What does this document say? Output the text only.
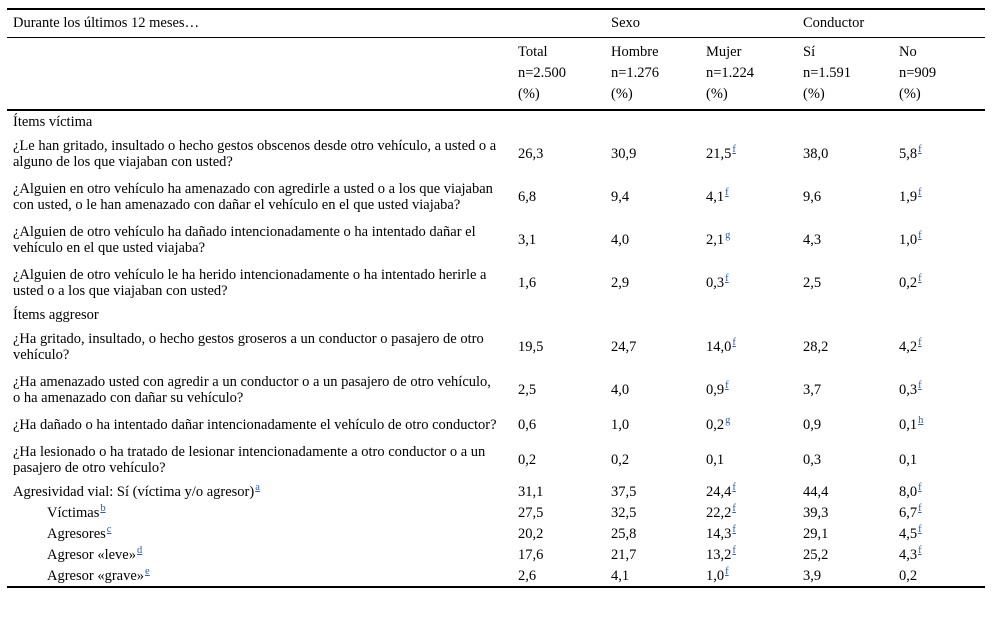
Durante los últimos 12 meses…		Sexo		Conductor	
	Total	Hombre	Mujer	Sí	No
	n=2.500	n=1.276	n=1.224	n=1.591	n=909
	(%)	(%)	(%)	(%)	(%)
Ítems víctima					
¿Le han gritado, insultado o hecho gestos obscenos desde otro vehículo, a usted o a alguno de los que viajaban con usted?	26,3	30,9	21,5$^f$	38,0	5,8$^f$
¿Alguien en otro vehículo ha amenazado con agredirle a usted o a los que viajaban con usted, o le han amenazado con dañar el vehículo en el que usted viajaba?	6,8	9,4	4,1$^f$	9,6	1,9$^f$
¿Alguien de otro vehículo ha dañado intencionadamente o ha intentado dañar el vehículo en el que usted viajaba?	3,1	4,0	2,1$^g$	4,3	1,0$^f$
¿Alguien de otro vehículo le ha herido intencionadamente o ha intentado herirle a usted o a los que viajaban con usted?	1,6	2,9	0,3$^f$	2,5	0,2$^f$
Ítems aggresor					
¿Ha gritado, insultado, o hecho gestos groseros a un conductor o pasajero de otro vehículo?	19,5	24,7	14,0$^f$	28,2	4,2$^f$
¿Ha amenazado usted con agredir a un conductor o a un pasajero de otro vehículo, o ha amenazado con dañar su vehículo?	2,5	4,0	0,9$^f$	3,7	0,3$^f$
¿Ha dañado o ha intentado dañar intencionadamente el vehículo de otro conductor?	0,6	1,0	0,2$^g$	0,9	0,1$^h$
¿Ha lesionado o ha tratado de lesionar intencionadamente a otro conductor o a un pasajero de otro vehículo?	0,2	0,2	0,1	0,3	0,1
Agresividad vial: Sí (víctima y/o agresor)$^a$	31,1	37,5	24,4$^f$	44,4	8,0$^f$
Víctimas$^b$	27,5	32,5	22,2$^f$	39,3	6,7$^f$
Agresores$^c$	20,2	25,8	14,3$^f$	29,1	4,5$^f$
Agresor «leve»$^d$	17,6	21,7	13,2$^f$	25,2	4,3$^f$
Agresor «grave»$^e$	2,6	4,1	1,0$^f$	3,9	0,2
